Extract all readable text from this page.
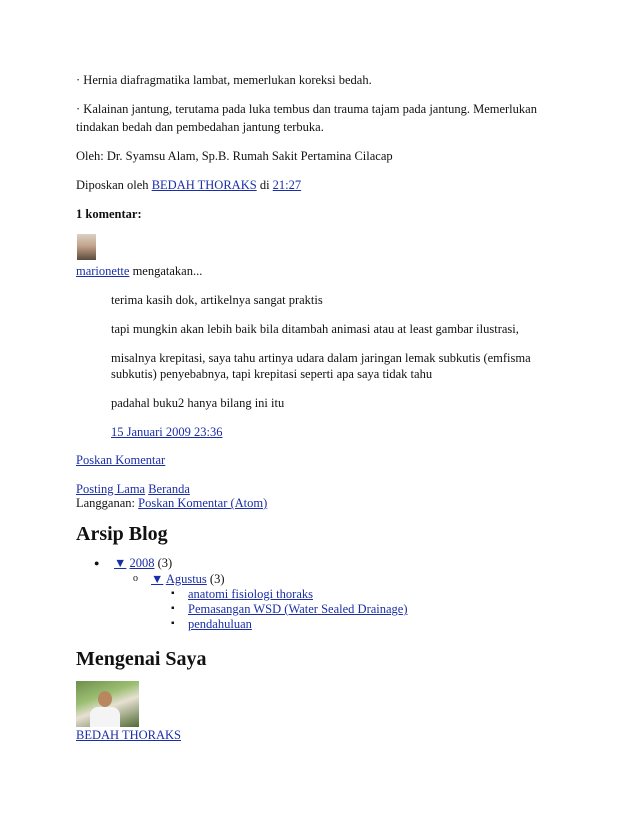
· Hernia diafragmatika lambat, memerlukan koreksi bedah.
· Kalainan jantung, terutama pada luka tembus dan trauma tajam pada jantung. Memerlukan
tindakan bedah dan pembedahan jantung terbuka.
Oleh: Dr. Syamsu Alam, Sp.B. Rumah Sakit Pertamina Cilacap
Diposkan oleh BEDAH THORAKS di 21:27
1 komentar:
marionette mengatakan...
terima kasih dok, artikelnya sangat praktis
tapi mungkin akan lebih baik bila ditambah animasi atau at least gambar ilustrasi,
misalnya krepitasi, saya tahu artinya udara dalam jaringan lemak subkutis (emfisma
subkutis) penyebabnya, tapi krepitasi seperti apa saya tidak tahu
padahal buku2 hanya bilang ini itu
15 Januari 2009 23:36
Poskan Komentar
Posting Lama Beranda
Langganan: Poskan Komentar (Atom)
Arsip Blog
● ▼ 2008 (3)
o ▼ Agustus (3)
▪ anatomi fisiologi thoraks
▪ Pemasangan WSD (Water Sealed Drainage)
▪ pendahuluan
Mengenai Saya
BEDAH THORAKS
